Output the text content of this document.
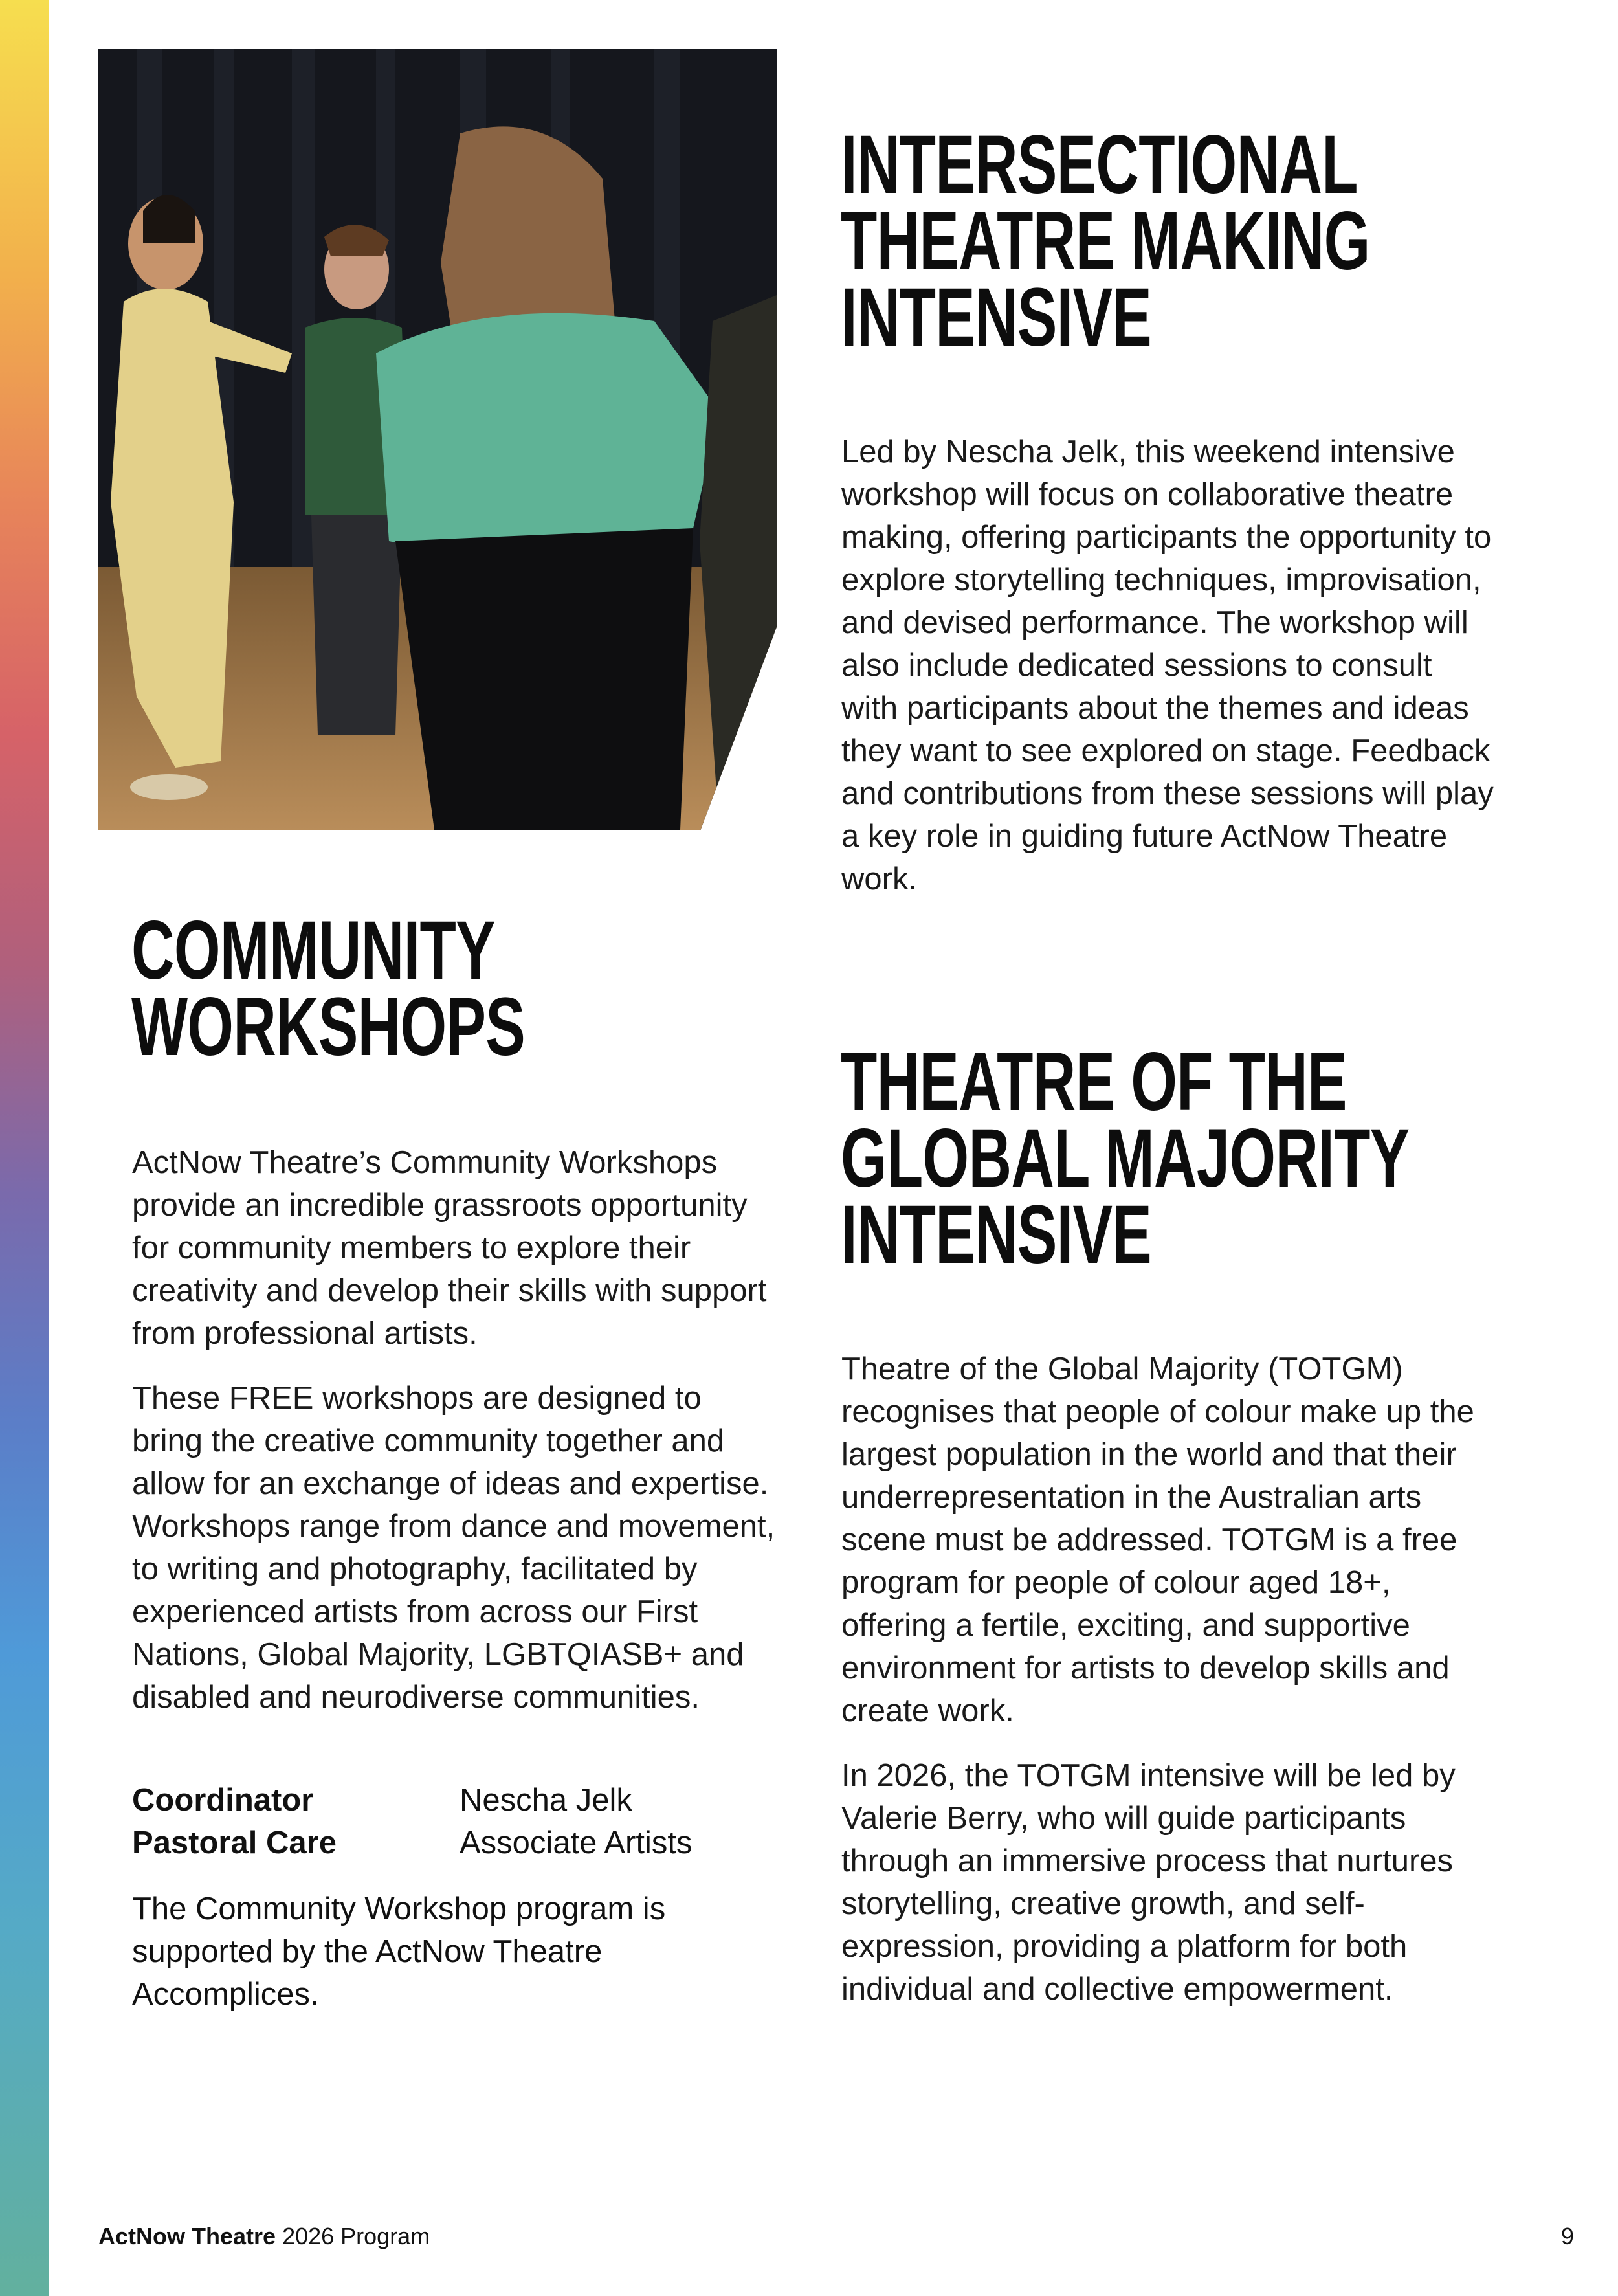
INTERSECTIONAL
THEATRE MAKING
INTENSIVE

Led by Nescha Jelk, this weekend intensive workshop will focus on collaborative theatre making, offering participants the opportunity to explore storytelling techniques, improvisation, and devised performance. The workshop will also include dedicated sessions to consult with participants about the themes and ideas they want to see explored on stage. Feedback and contributions from these sessions will play a key role in guiding future ActNow Theatre work.

COMMUNITY
WORKSHOPS

ActNow Theatre’s Community Workshops provide an incredible grassroots opportunity for community members to explore their creativity and develop their skills with support from professional artists.

These FREE workshops are designed to bring the creative community together and allow for an exchange of ideas and expertise. Workshops range from dance and movement, to writing and photography, facilitated by experienced artists from across our First Nations, Global Majority, LGBTQIASB+ and disabled and neurodiverse communities.

Coordinator	Nescha Jelk
Pastoral Care	Associate Artists

The Community Workshop program is supported by the ActNow Theatre Accomplices.

THEATRE OF THE
GLOBAL MAJORITY
INTENSIVE

Theatre of the Global Majority (TOTGM) recognises that people of colour make up the largest population in the world and that their underrepresentation in the Australian arts scene must be addressed. TOTGM is a free program for people of colour aged 18+, offering a fertile, exciting, and supportive environment for artists to develop skills and create work.

In 2026, the TOTGM intensive will be led by Valerie Berry, who will guide participants through an immersive process that nurtures storytelling, creative growth, and self-expression, providing a platform for both individual and collective empowerment.

ActNow Theatre 2026 Program	9
